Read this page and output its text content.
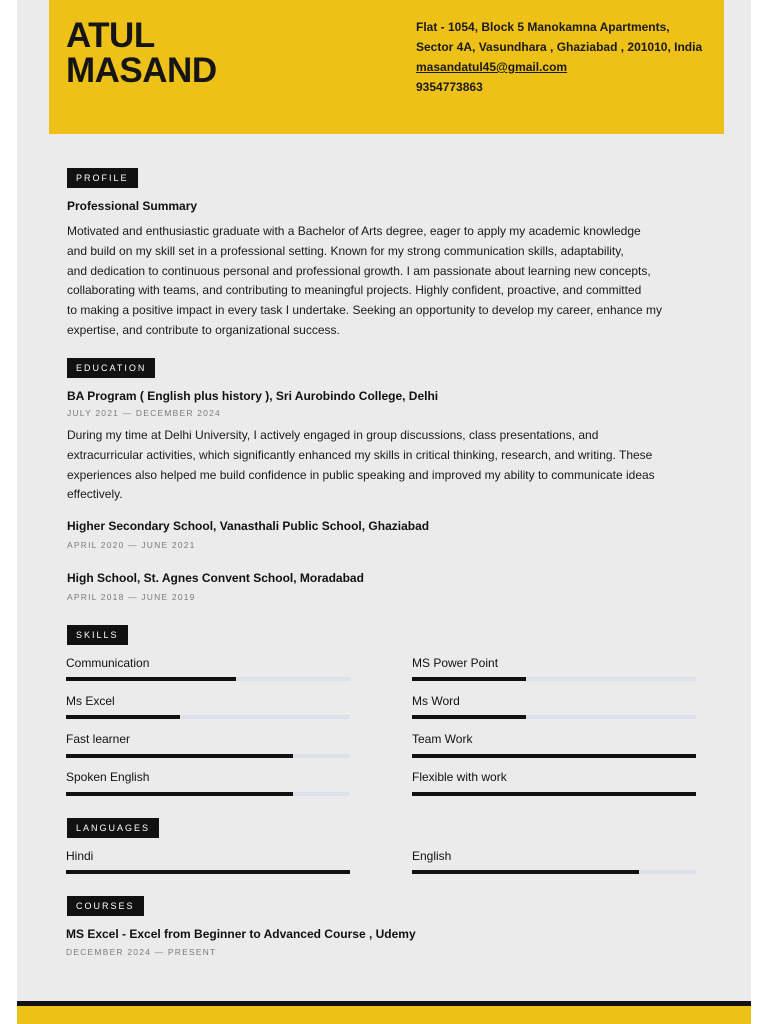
ATUL
MASAND
Flat - 1054, Block 5 Manokamna Apartments,
Sector 4A, Vasundhara , Ghaziabad , 201010, India
masandatul45@gmail.com
9354773863
PROFILE
Professional Summary
Motivated and enthusiastic graduate with a Bachelor of Arts degree, eager to apply my academic knowledge
and build on my skill set in a professional setting. Known for my strong communication skills, adaptability,
and dedication to continuous personal and professional growth. I am passionate about learning new concepts,
collaborating with teams, and contributing to meaningful projects. Highly confident, proactive, and committed
to making a positive impact in every task I undertake. Seeking an opportunity to develop my career, enhance my
expertise, and contribute to organizational success.
EDUCATION
BA Program ( English plus history ), Sri Aurobindo College, Delhi
JULY 2021 — DECEMBER 2024
During my time at Delhi University, I actively engaged in group discussions, class presentations, and
extracurricular activities, which significantly enhanced my skills in critical thinking, research, and writing. These
experiences also helped me build confidence in public speaking and improved my ability to communicate ideas
effectively.
Higher Secondary School, Vanasthali Public School, Ghaziabad
APRIL 2020 — JUNE 2021
High School, St. Agnes Convent School, Moradabad
APRIL 2018 — JUNE 2019
SKILLS
Communication	MS Power Point
Ms Excel	Ms Word
Fast learner	Team Work
Spoken English	Flexible with work
LANGUAGES
Hindi	English
COURSES
MS Excel - Excel from Beginner to Advanced Course , Udemy
DECEMBER 2024 — PRESENT
